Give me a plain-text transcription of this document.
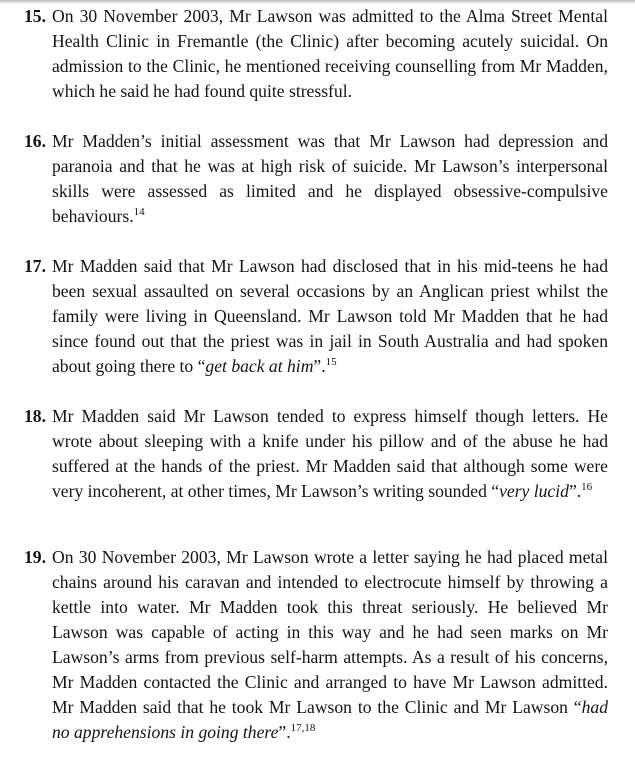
15. On 30 November 2003, Mr Lawson was admitted to the Alma Street Mental Health Clinic in Fremantle (the Clinic) after becoming acutely suicidal. On admission to the Clinic, he mentioned receiving counselling from Mr Madden, which he said he had found quite stressful.
16. Mr Madden’s initial assessment was that Mr Lawson had depression and paranoia and that he was at high risk of suicide. Mr Lawson’s interpersonal skills were assessed as limited and he displayed obsessive-compulsive behaviours.$^{14}$
17. Mr Madden said that Mr Lawson had disclosed that in his mid-teens he had been sexual assaulted on several occasions by an Anglican priest whilst the family were living in Queensland. Mr Lawson told Mr Madden that he had since found out that the priest was in jail in South Australia and had spoken about going there to “get back at him”.$^{15}$
18. Mr Madden said Mr Lawson tended to express himself though letters. He wrote about sleeping with a knife under his pillow and of the abuse he had suffered at the hands of the priest. Mr Madden said that although some were very incoherent, at other times, Mr Lawson’s writing sounded “very lucid”.$^{16}$
19. On 30 November 2003, Mr Lawson wrote a letter saying he had placed metal chains around his caravan and intended to electrocute himself by throwing a kettle into water. Mr Madden took this threat seriously. He believed Mr Lawson was capable of acting in this way and he had seen marks on Mr Lawson’s arms from previous self-harm attempts. As a result of his concerns, Mr Madden contacted the Clinic and arranged to have Mr Lawson admitted. Mr Madden said that he took Mr Lawson to the Clinic and Mr Lawson “had no apprehensions in going there”.$^{17,18}$
